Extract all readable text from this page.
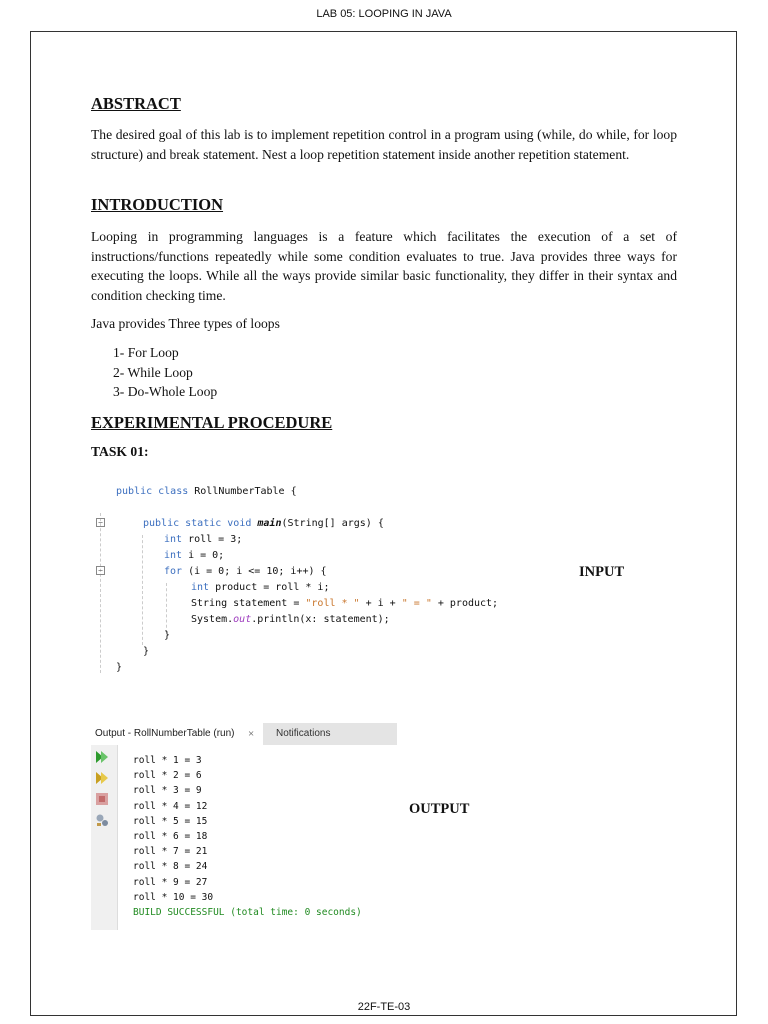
LAB 05: LOOPING IN JAVA
ABSTRACT

The desired goal of this lab is to implement repetition control in a program using (while, do while, for loop structure) and break statement. Nest a loop repetition statement inside another repetition statement.

INTRODUCTION

Looping in programming languages is a feature which facilitates the execution of a set of instructions/functions repeatedly while some condition evaluates to true. Java provides three ways for executing the loops. While all the ways provide similar basic functionality, they differ in their syntax and condition checking time.

Java provides Three types of loops

1- For Loop
2- While Loop
3- Do-Whole Loop
EXPERIMENTAL PROCEDURE
TASK 01:
−
−
public class RollNumberTable {
public static void main(String[] args) {
int roll = 3;
int i = 0;
for (i = 0; i <= 10; i++) {
int product = roll * i;
String statement = "roll * " + i + " = " + product;
System.out.println(x: statement);
}
}
}
INPUT
Output - RollNumberTable (run)	× Notifications
roll * 1 = 3
roll * 2 = 6
roll * 3 = 9
roll * 4 = 12
roll * 5 = 15
roll * 6 = 18
roll * 7 = 21
roll * 8 = 24
roll * 9 = 27
roll * 10 = 30
BUILD SUCCESSFUL (total time: 0 seconds)
OUTPUT
22F-TE-03
